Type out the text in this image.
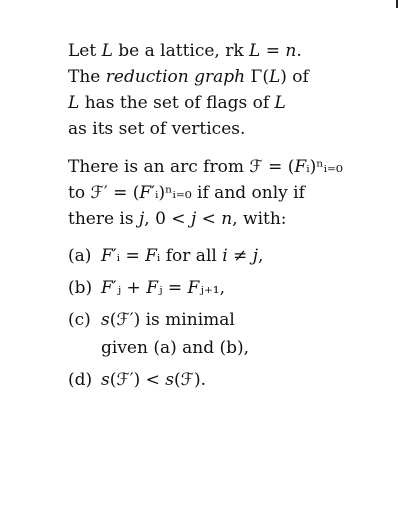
Let 𝐿 be a lattice, rk 𝐿 = 𝑛.
The 𝑟𝑒𝑑𝑢𝑐𝑡𝑖𝑜𝑛 𝑔𝑟𝑎𝑝ℎ Γ(𝐿) of
𝐿 has the set of flags of 𝐿
as its set of vertices.
There is an arc from ℱ = (𝐹ᵢ)ⁿᵢ₌₀
to ℱ′ = (𝐹′ᵢ)ⁿᵢ₌₀ if and only if
there is 𝑗, 0 < 𝑗 < 𝑛, with:
(a) 𝐹′ᵢ = 𝐹ᵢ for all 𝑖 ≠ 𝑗,
(b) 𝐹′ⱼ + 𝐹ⱼ = 𝐹ⱼ₊₁,
(c) 𝑠(ℱ′) is minimal
given (a) and (b),
(d) 𝑠(ℱ′) < 𝑠(ℱ).
